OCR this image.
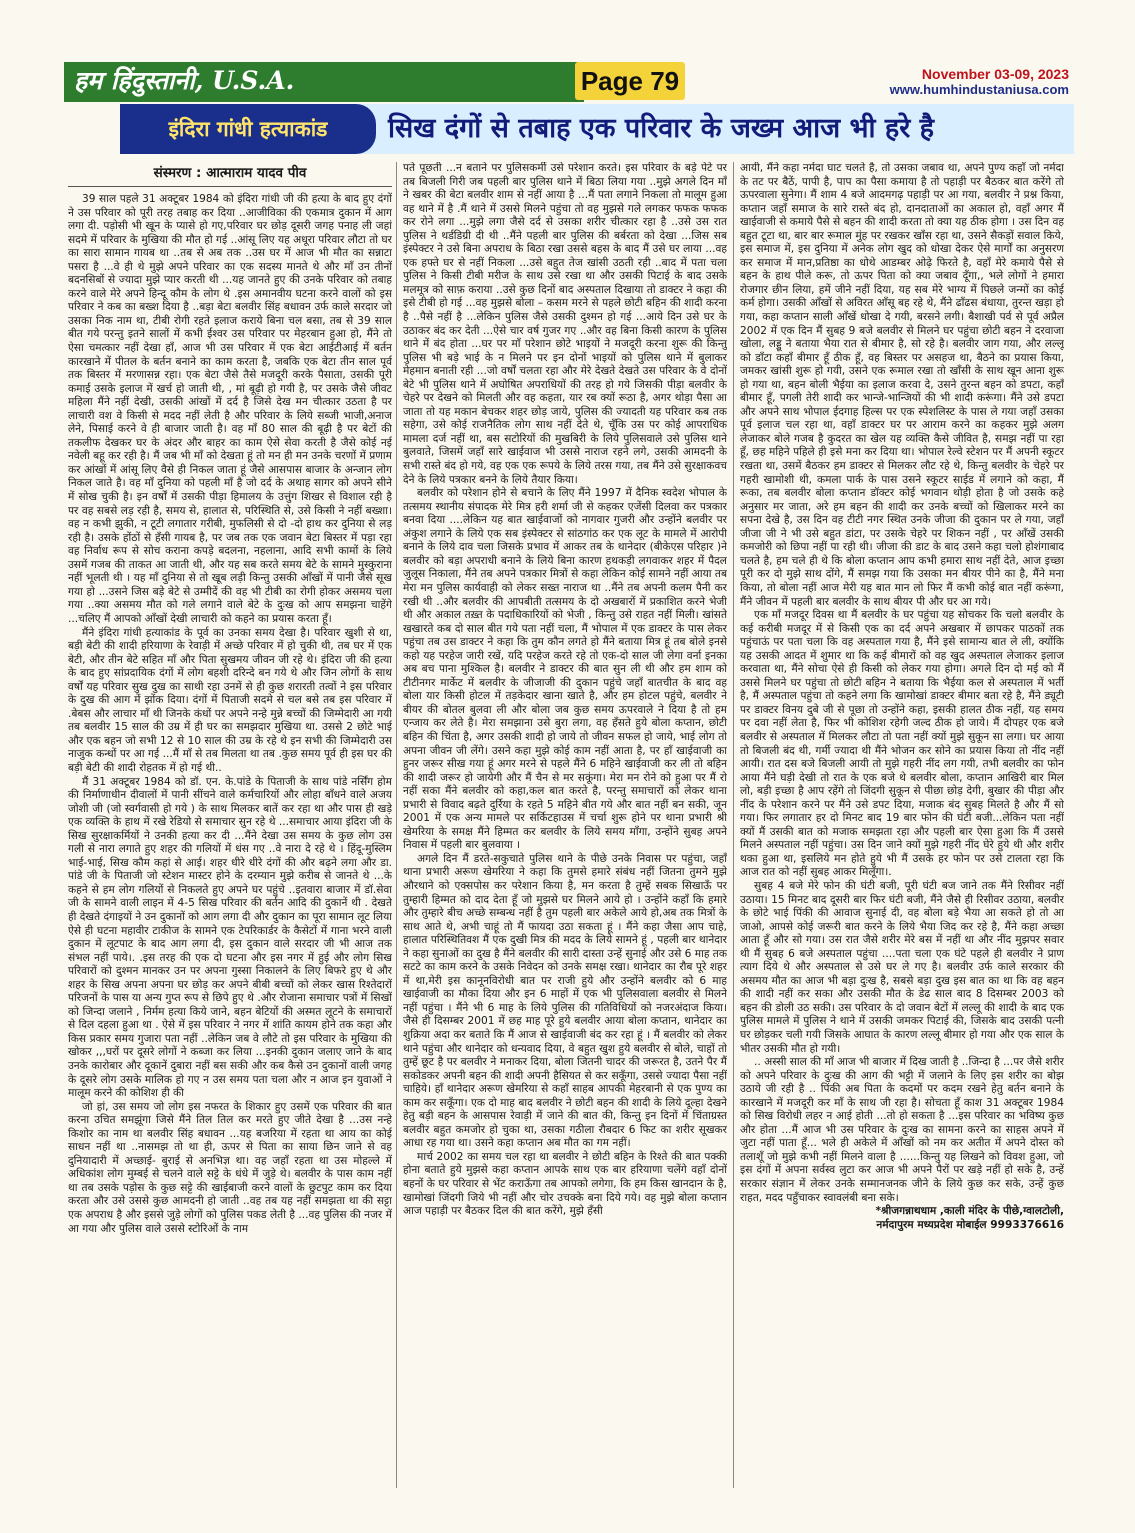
हम हिंदुस्तानी, U.S.A.	Page 79	November 03-09, 2023
www.humhindustaniusa.com
इंदिरा गांधी हत्याकांड	सिख दंगों से तबाह एक परिवार के जख्म आज भी हरे है
संस्मरण : आत्माराम यादव पीव

39 साल पहले 31 अक्टूबर 1984 को इंदिरा गांधी जी की हत्या के बाद हुए दंगों ने उस परिवार को पूरी तरह तबाह कर दिया ..आजीविका की एकमात्र दुकान में आग लगा दी. पड़ोसी भी खून के प्यासे हो गए,परिवार घर छोड़ दूसरी जगह पनाह ली जहां सदमे में परिवार के मुखिया की मौत हो गई ..आंसू लिए यह अधूरा परिवार लौटा तो घर का सारा सामान गायब था ..तब से अब तक ..उस घर में आज भी मौत का सन्नाटा पसरा है ...वे ही थे मुझे अपने परिवार का एक सदस्य मानते थे और माँ उन तीनों बदनसिबों से ज्यादा मुझे प्यार करती थी ...यह जानते हुए की उनके परिवार को तबाह करने वाले मेरे अपने हिन्दू कौम के लोग थे .इस अमानवीय घटना करने वालों को इस परिवार ने कब का बख्श दिया है ..बड़ा बेटा बलवीर सिंह बधावन उर्फ काले सरदार जो उसका निक नाम था, टीबी रोगी रहते इलाज कराये बिना चल बसा, तब से 39 साल बीत गये परन्तु इतने सालों में कभी ईश्वर उस परिवार पर मेहरबान हुआ हो, मैंने तो ऐसा चमत्कार नहीं देखा हाँ, आज भी उस परिवार में एक बेटा आईटीआई में बर्तन कारखाने में पीतल के बर्तन बनाने का काम करता है, जबकि एक बेटा तीन साल पूर्व तक बिस्तर में मरणासन्न रहा। एक बेटा जैसे तैसे मजदूरी करके पैसाता, उसकी पूरी कमाई उसके इलाज में खर्च हो जाती थी, , मां बूढ़ी हो गयी है, पर उसके जैसे जीवट महिला मैंने नहीं देखी, उसकी आंखों में दर्द है जिसे देख मन चीत्कार उठता है पर लाचारी वश वे किसी से मदद नहीं लेती है और परिवार के लिये सब्जी भाजी,अनाज लेने, पिसाई करने वे ही बाजार जाती है। वह माँ 80 साल की बूढ़ी है पर बेटों की तकलीफ देखकर घर के अंदर और बाहर का काम ऐसे सेवा करती है जैसे कोई नई नवेली बहू कर रही है। मैं जब भी माँ को देखता हूं तो मन ही मन उनके चरणों में प्रणाम कर आंखों में आंसू लिए वैसे ही निकल जाता हूं जैसे आसपास बाजार के अन्जान लोग निकल जाते है। वह माँ दुनिया को पहली माँ है जो दर्द के अथाह सागर को अपने सीने में सोख चुकी है। इन वर्षों में उसकी पीड़ा हिमालय के उत्तुंग शिखर से विशाल रही है पर वह सबसे लड़ रही है, समय से, हालात से, परिस्थिति से, उसे किसी ने नहीं बख्शा। वह न कभी झुकी, न टूटी लगातार गरीबी, मुफलिसी से दो -दो हाथ कर दुनिया से लड़ रही है। उसके होंठों से हँसी गायब है, पर जब तक एक जवान बेटा बिस्तर में पड़ा रहा वह निर्वाध रूप से सोच कराना कपड़े बदलना, नहलाना, आदि सभी कामों के लिये उसमें गजब की ताकत आ जाती थी, और यह सब करते समय बेटे के सामने मुस्कुराना नहीं भूलती थी । यह माँ दुनिया से तो खूब लड़ी किन्तु उसकी आँखों में पानी जैसे सूख गया हो ...उसने जिस बड़े बेटे से उम्मीदें की वह भी टीबी का रोगी होकर असमय चला गया ..क्या असमय मौत को गले लगाने वाले बेटे के दुःख को आप समझना चाहेंगे ...चलिए मैं आपको आँखों देखी लाचारी को कहने का प्रयास करता हूँ।

मैंने इंदिरा गांधी हत्याकांड के पूर्व का उनका समय देखा है। परिवार खुशी से था, बड़ी बेटी की शादी हरियाणा के रेवाड़ी में अच्छे परिवार में हो चुकी थी, तब घर में एक बेटी, और तीन बेटे सहित माँ और पिता सुखमय जीवन जी रहे थे। इंदिरा जी की हत्या के बाद हुए सांप्रदायिक दंगों में लोग बहशी दरिन्दे बन गये थे और जिन लोगों के साथ वर्षों यह परिवार सुख दुख का साथी रहा उनमें से ही कुछ शरारती तत्वों ने इस परिवार के दुख की आग में झोंक दिया। दंगों में पिताजी सदमे से चल बसे तब इस परिवार में .बेबस और लाचार माँ थी जिनके कंधों पर अपने नन्हे मुन्ने बच्चों की जिम्मेदारी आ गयी तब बलवीर 15 साल की उम्र में ही घर का समझदार मुखिया था. उससे 2 छोटे भाई और एक बहन जो सभी 12 से 10 साल की उम्र के रहे थे इन सभी की जिम्मेदारी उस नाजुक कन्धों पर आ गई ...मैं माँ से तब मिलता था तब .कुछ समय पूर्व ही इस घर की बड़ी बेटी की शादी रोहतक में हो गई थी..

मैं 31 अक्टूबर 1984 को डॉ. एन. के.पांडे के पिताजी के साथ पांडे नर्सिंग होम की निर्माणाधीन दीवालों में पानी सींचने वाले कर्मचारियों और लोहा बाँधने वाले अजय जोशी जी (जो स्वर्गवासी हो गये ) के साथ मिलकर बातें कर रहा था और पास ही खड़े एक व्यक्ति के हाथ में रखे रेडियो से समाचार सुन रहे थे ...समाचार आया इंदिरा जी के सिख सुरक्षाकर्मियों ने उनकी हत्या कर दी ...मैंने देखा उस समय के कुछ लोग उस गली से नारा लगाते हुए शहर की गलियों में धंस गए ..वे नारा दे रहे थे । हिंदू-मुस्लिम भाई-भाई, सिख कौम कहां से आई। शहर धीरे धीरे दंगों की और बढ़ने लगा और डा. पांडे जी के पिताजी जो स्टेशन मास्टर होने के दरम्यान मुझे करीब से जानते थे ...के कहने से हम लोग गलियों से निकलते हुए अपने घर पहुंचे ..इतवारा बाजार में डॉ.सेवा जी के सामने वाली लाइन में 4-5 सिख परिवार की बर्तन आदि की दुकानें थी . देखते ही देखते दंगाइयों ने उन दुकानों को आग लगा दी और दुकान का पूरा सामान लूट लिया ऐसे ही घटना महावीर टाकीज के सामने एक टेपरिकार्डर के कैसेटों में गाना भरने वाली दुकान में लूटपाट के बाद आग लगा दी, इस दुकान वाले सरदार जी भी आज तक संभल नहीं पाये।. .इस तरह की एक दो घटना और इस नगर में हुई और लोग सिख परिवारों को दुश्मन मानकर उन पर अपना गुस्सा निकालने के लिए बिफरे हुए थे और शहर के सिख अपना अपना घर छोड़ कर अपने बीबी बच्चों को लेकर खास रिश्तेदारों परिजनों के पास या अन्य गुप्त रूप से छिपे हुए थे .और रोजाना समाचार पत्रों में सिखों को जिन्दा जलाने , निर्मम हत्या किये जाने, बहन बेटियों की अस्मत लूटने के समाचारों से दिल दहला हुआ था . ऐसे में इस परिवार ने नगर में शांति कायम होने तक कहा और किस प्रकार समय गुजारा पता नहीं ..लेकिन जब वे लौटे तो इस परिवार के मुखिया की खोकर ,,,घरों पर दूसरे लोगों ने कब्जा कर लिया ...इनकी दुकान जलाए जाने के बाद उनके कारोबार और दूकानें दुबारा नहीं बस सकी और कब कैसे उन दुकानों वाली जगह के दूसरे लोग उसके मालिक हो गए न उस समय पता चला और न आज इन युवाओं ने मालूम करने की कोशिश ही की

जो हां, उस समय जो लोग इस नफरत के शिकार हुए उसमें एक परिवार की बात करना उचित समझूंगा जिसे मैंने तिल तिल कर मरते हुए जीते देखा है ...उस नन्हे किशोर का नाम था बलवीर सिंह बधावन ...यह बजरिया में रहता था आय का कोई साधन नहीं था ..नासमझ तो था ही, ऊपर से पिता का साया छिन जाने से वह दुनियादारी में अच्छाई- बुराई से अनभिज्ञ था। वह जहाँ रहता था उस मोहल्ले में अधिकांश लोग मुम्बई से चलने वाले सट्टे के धंधे में जुड़े थे। बलवीर के पास काम नहीं था तब उसके पड़ोस के कुछ सट्टे की खाईबाजी करने वालों के छुटपुट काम कर दिया करता और उसे उससे कुछ आमदनी हो जाती ..वह तब यह नहीं समझता था की सट्टा एक अपराध है और इससे जुड़े लोगों को पुलिस पकड लेती है ...वह पुलिस की नजर में आ गया और पुलिस वाले उससे स्टोरिओं के नाम

पते पूछती ...न बताने पर पुलिसकर्मी उसे परेशान करते। इस परिवार के बड़े पेटे पर तब बिजली गिरी जब पहली बार पुलिस थाने में बिठा लिया गया ..मुझे अगले दिन माँ ने खबर की बेटा बलवीर शाम से नहीं आया है ...मैं पता लगाने निकला तो मालूम हुआ वह थाने में है .मैं थाने में उससे मिलने पहुंचा तो वह मुझसे गले लगकर फफक फफक कर रोने लगा ...मुझे लगा जैसे दर्द से उसका शरीर चीत्कार रहा है ..उसे उस रात पुलिस ने थर्डडिग्री दी थी ..मैंने पहली बार पुलिस की बर्बरता को देखा ...जिस सब इंस्पेक्टर ने उसे बिना अपराध के बिठा रखा उससे बहस के बाद मैं उसे घर लाया ...वह एक हफ्ते घर से नहीं निकला ...उसे बहुत तेज खांसी उठती रही ..बाद में पता चला पुलिस ने किसी टीबी मरीज के साथ उसे रखा था और उसकी पिटाई के बाद उसके मलमूत्र को साफ़ कराया ..उसे कुछ दिनों बाद अस्पताल दिखाया तो डाक्टर ने कहा की इसे टीबी हो गई ...वह मुझसे बोला – कसम मरने से पहले छोटी बहिन की शादी करना है ..पैसे नहीं है ...लेकिन पुलिस जैसे उसकी दुश्मन हो गई ...आये दिन उसे घर के उठाकर बंद कर देती ...ऐसे चार वर्ष गुजर गए ..और वह बिना किसी कारण के पुलिस थाने में बंद होता ...घर पर माँ परेशान छोटे भाइयों ने मजदूरी करना शुरू की किन्तु पुलिस भी बड़े भाई के न मिलने पर इन दोनों भाइयों को पुलिस थाने में बुलाकर मेहमान बनाती रही ...जो वर्षों चलता रहा और मेरे देखते देखते उस परिवार के वे दोनों बेटे भी पुलिस थाने में अघोषित अपराधियों की तरह हो गये जिसकी पीड़ा बलवीर के चेहरे पर देखने को मिलती और वह कहता, यार रब क्यों रूठा है, अगर थोड़ा पैसा आ जाता तो यह मकान बेचकर शहर छोड़ जाये, पुलिस की ज्यादती यह परिवार कब तक सहेगा, उसे कोई राजनैतिक लोग साथ नहीं देते थे, चूँकि उस पर कोई आपराधिक मामला दर्ज नहीं था, बस सटोरियों की मुखबिरी के लिये पुलिसवाले उसे पुलिस थाने बुलवाते, जिसमें जहाँ सारे खाईवाज भी उससे नाराज रहने लगे, उसकी आमदनी के सभी रास्ते बंद हो गये, वह एक एक रूपये के लिये तरस गया, तब मैंने उसे सुरक्षाकवच देने के लिये पत्रकार बनने के लिये तैयार किया।

बलवीर को परेशान होने से बचाने के लिए मैंने 1997 में दैनिक स्वदेश भोपाल के तत्समय स्थानीय संपादक मेरे मित्र हरी शर्मा जी से कहकर एजेंसी दिलवा कर पत्रकार बनवा दिया ....लेकिन यह बात खाईवाजों को नागवार गुजरी और उन्होंने बलवीर पर अंकुश लगाने के लिये एक सब इंस्पेक्टर से सांठगांठ कर एक लूट के मामले में आरोपी बनाने के लिये दाव चला जिसके प्रभाव में आकर तब के थानेदार (बीकेएस परिहार )ने बलवीर को बड़ा अपराधी बनाने के लिये बिना कारण हथकड़ी लगवाकर शहर में पैदल जुलूस निकाला, मैंने तब अपने पत्रकार मित्रों से कहा लेकिन कोई सामने नहीं आया तब मेरा मन पुलिस कार्यवाही को लेकर सख्त नाराज था ..मैंने तब अपनी कलम पैनी कर रखी थी ..और बलवीर की आपबीती तत्समय के दो अखबारों में प्रकाशित करने भेजी थी और अकाल तख़्त के पदाधिकारियों को भेजी , किन्तु उसे राहत नहीं मिली। खांसते खखारते कब दो साल बीत गये पता नहीं चला, मैं भोपाल में एक डाक्टर के पास लेकर पहुंचा तब उस डाक्टर ने कहा कि तुम कौन लगते हो मैंने बताया मित्र हूं तब बोले इनसे कहो यह परहेज जारी रखें, यदि परहेज करते रहे तो एक-दो साल जी लेगा वर्ना इनका अब बच पाना मुश्किल है। बलवीर ने डाक्टर की बात सुन ली थी और हम शाम को टीटीनगर मार्केट में बलवीर के जीजाजी की दुकान पहुंचे जहाँ बातचीत के बाद वह बोला यार किसी होटल में तड़केदार खाना खाते है, और हम होटल पहुंचे, बलवीर ने बीयर की बोतल बुलवा ली और बोला जब कुछ समय ऊपरवाले ने दिया है तो हम एन्जाय कर लेते है। मेरा समझाना उसे बुरा लगा, वह हँसते हुये बोला कप्तान, छोटी बहिन की चिंता है, अगर उसकी शादी हो जाये तो जीवन सफल हो जाये, भाई लोग तो अपना जीवन जी लेंगे। उसने कहा मुझे कोई काम नहीं आता है, पर हाँ खाईवाजी का हुनर जरूर सीख गया हूं अगर मरने से पहले मैंने 6 महिने खाईवाजी कर ली तो बहिन की शादी जरूर हो जायेगी और मैं चैन से मर सकूंगा। मेरा मन रोने को हुआ पर मैं रो नहीं सका मैंने बलवीर को कहा,कल बात करते है, परन्तु समाचारों को लेकर थाना प्रभारी से विवाद बढ़ते दुर्रिया के रहते 5 महिने बीत गये और बात नहीं बन सकी, जून 2001 में एक अन्य मामले पर सर्किटहाउस में चर्चा शुरू होने पर थाना प्रभारी श्री खेमरिया के समक्ष मैंने हिम्मत कर बलवीर के लिये समय माँगा, उन्होंने सुबह अपने निवास में पहली बार बुलवाया ।

अगले दिन मैं डरते-सकुचाते पुलिस थाने के पीछे उनके निवास पर पहुंचा, जहाँ थाना प्रभारी अरूण खेमरिया ने कहा कि तुमसे हमारे संबंध नहीं जितना तुमने मुझे औरथाने को एक्सपोस कर परेशान किया है, मन करता है तुम्हें सबक सिखाऊँ पर तुम्हारी हिम्मत को दाद देता हूँ जो मुझसे घर मिलने आये हो । उन्होंने कहाँ कि हमारे और तुम्हारे बीच अच्छे सम्बन्ध नहीं है तुम पहली बार अकेले आये हो,अब तक मित्रों के साथ आते थे, अभी चाहूं तो मैं फायदा उठा सकता हूं । मैंने कहा जैसा आप चाहे, हालात परिस्थितिवश मैं एक दुखी मित्र की मदद के लिये सामने हूं , पहली बार थानेदार ने कहा सुनाओं का दुख है मैंने बलवीर की सारी दास्ता उन्हें सुनाई और उसे 6 माह तक सटटे का काम करने के उसके निवेदन को उनके समक्ष रखा। थानेदार का रौब पूरे शहर में था,मेरी इस कानूनविरोधी बात पर राजी हुये और उन्होंने बलवीर को 6 माह खाईवाजी का मौका दिया और इन 6 माहों में एक भी पुलिसवाला बलवीर से मिलने नहीं पहुंचा । मैंने भी 6 माह के लिये पुलिस की गतिविधियों को नजरअंदाज किया। जैसे ही दिसम्बर 2001 में छह माह पूरे हुये बलवीर आया बोला कप्तान, थानेदार का शुक्रिया अदा कर बताते कि मैं आज से खाईवाजी बंद कर रहा हूं । मैं बलवीर को लेकर थाने पहुंचा और थानेदार को धन्यवाद दिया, वे बहुत खुश हुये बलवीर से बोले, चाहों तो तुम्हें छूट है पर बलवीर ने मनाकर दिया, बोला जितनी चादर की जरूरत है, उतने पैर मैं सकोडकर अपनी बहन की शादी अपनी हैसियत से कर सकूँगा, उससे ज्यादा पैसा नहीं चाहिये। हाँ थानेदार अरूण खेमरिया से कहाँ साहब आपकी मेहरबानी से एक पुण्य का काम कर सकूँगा। एक दो माह बाद बलवीर ने छोटी बहन की शादी के लिये दूल्हा देखने हेतु बड़ी बहन के आसपास रेवाड़ी में जाने की बात की, किन्तु इन दिनों में चिंताग्रस्त बलवीर बहुत कमजोर हो चुका था, उसका गठीला रौबदार 6 फिट का शरीर सूखकर आधा रह गया था। उसने कहा कप्तान अब मौत का गम नहीं।

मार्च 2002 का समय चल रहा था बलवीर ने छोटी बहिन के रिश्ते की बात पक्की होना बताते हुये मुझसे कहा कप्तान आपके साथ एक बार हरियाणा चलेंगे वहाँ दोनों बहनों के घर परिवार से भेंट कराऊँगा तब आपको लगेगा, कि हम किस खानदान के है, खामोखां जिंदगी जिये भी नहीं और चोर उचक्के बना दिये गये। वह मुझे बोला कप्तान आज पहाड़ी पर बैठकर दिल की बात करेंगे, मुझे हँसी

आयी, मैंने कहा नर्मदा घाट चलते है, तो उसका जबाव था, अपने पुण्य कहाँ जो नर्मदा के तट पर बैठें, पापी है, पाप का पैसा कमाया है तो पहाड़ी पर बैठकर बात करेंगे तो ऊपरवाला सुनेगा। मैं शाम 4 बजे आदमगढ़ पहाड़ी पर आ गया, बलवीर ने प्रश्न किया, कप्तान जहाँ समाज के सारे रास्ते बंद हो, दानदाताओं का अकाल हो, वहाँ अगर मैं खाईवाजी से कमाये पैसे से बहन की शादी करता तो क्या यह ठीक होगा । उस दिन वह बहुत टूटा था, बार बार रूमाल मुंह पर रखकर खाँस रहा था, उसने सैकड़ों सवाल किये, इस समाज में, इस दुनिया में अनेक लोग खुद को धोखा देकर ऐसे मार्गों का अनुसरण कर समाज में मान,प्रतिष्ठा का धोथे आडम्बर ओढ़े फिरते है, वहाँ मेरे कमाये पैसे से बहन के हाथ पीले करू, तो ऊपर पिता को क्या जबाव दूँगा,, भले लोगों ने हमारा रोजगार छीन लिया, हमें जीने नहीं दिया, यह सब मेरे भाग्य में पिछले जन्मों का कोई कर्म होगा। उसकी आँखों से अविरत आँसू बह रहे थे, मैंने ढाँढस बंधाया, तुरन्त खड़ा हो गया, कहा कप्तान साली आँखें धोखा दे गयी, बरसने लगी। बैशाखी पर्व से पूर्व अप्रैल 2002 में एक दिन मैं सुबह 9 बजे बलवीर से मिलने घर पहुंचा छोटी बहन ने दरवाजा खोला, लड्डू ने बताया भैया रात से बीमार है, सो रहे है। बलवीर जाग गया, और लल्लू को डाँटा कहाँ बीमार हूँ ठीक हूँ, वह बिस्तर पर असहज था, बैठने का प्रयास किया, जमकर खांसी शुरू हो गयी, उसने एक रूमाल रखा तो खाँसी के साथ खून आना शुरू हो गया था, बहन बोली भैईया का इलाज करवा दे, उसने तुरन्त बहन को डपटा, कहाँ बीमार हूँ, पगली तेरी शादी कर भान्जे-भान्जियों की भी शादी करूंगा। मैंने उसे डपटा और अपने साथ भोपाल ईदगाह हिल्स पर एक स्पेशलिस्ट के पास ले गया जहाँ उसका पूर्व इलाज चल रहा था, वहाँ डाक्टर घर पर आराम करने का कहकर मुझे अलग लेजाकर बोले गजब है कुदरत का खेल यह व्यक्ति कैसे जीवित है, समझ नहीं पा रहा हूँ, छह महिने पहिले ही इसे मना कर दिया था। भोपाल रेल्वे स्टेशन पर मैं अपनी स्कूटर रखता था, उसमें बैठकर हम डाक्टर से मिलकर लौट रहे थे, किन्तु बलवीर के चेहरे पर गहरी खामोशी थी, कमला पार्क के पास उसने स्कूटर साईड में लगाने को कहा, मैं रूका, तब बलवीर बोला कप्तान डॉक्टर कोई भगवान थोड़ी होता है जो उसके कहे अनुसार मर जाता, अरे हम बहन की शादी कर उनके बच्चों को खिलाकर मरने का सपना देखे है, उस दिन वह टीटी नगर स्थित उनके जीजा की दुकान पर ले गया, जहाँ जीजा जी ने भी उसे बहुत डांटा, पर उसके चेहरे पर शिकन नहीं , पर आँखें उसकी कमजोरी को छिपा नहीं पा रही थी। जीजा की डाट के बाद उसने कहा चलो होशंगाबाद चलते है, हम चले ही थे कि बोला कप्तान आप कभी हमारा साथ नहीं देते, आज इच्छा पूरी कर दो मुझे साथ दोंगे, मैं समझ गया कि उसका मन बीयर पीने का है, मैंने मना किया, तो बोला नहीं आज मेरी यह बात मान लो फिर मैं कभी कोई बात नहीं करूंगा, मैंने जीवन में पहली बार बलवीर के साथ बीयर पी और घर आ गये।

एक माँ मजदूर दिवस था मैं बलवीर के घर पहुंचा यह सोचकर कि चलो बलवीर के कई करीबी मजदूर में से किसी एक का दर्द अपने अखबार में छापकर पाठकों तक पहुंचाऊं पर पता चला कि वह अस्पताल गया है, मैंने इसे सामान्य बात ले ली, क्योंकि यह उसकी आदत में शुमार था कि कई बीमारों को वह खुद अस्पताल लेजाकर इलाज करवाता था, मैंने सोचा ऐसे ही किसी को लेकर गया होगा। अगले दिन दो मई को मैं उससे मिलने घर पहुंचा तो छोटी बहिन ने बताया कि भैईया कल से अस्पताल में भर्ती है, मैं अस्पताल पहुंचा तो कहने लगा कि खामोखां डाक्टर बीमार बता रहे है, मैंने ड्यूटी पर डाक्टर विनय दुबे जी से पूछा तो उन्होंने कहा, इसकी हालत ठीक नहीं, यह समय पर दवा नहीं लेता है, फिर भी कोशिश रहेगी जल्द ठीक हो जाये। मैं दोपहर एक बजे बलवीर से अस्पताल में मिलकर लौटा तो पता नहीं क्यों मुझे सुकून सा लगा। घर आया तो बिजली बंद थी, गर्मी ज्यादा थी मैंने भोजन कर सोने का प्रयास किया तो नींद नहीं आयी। रात दस बजे बिजली आयी तो मुझे गहरी नींद लग गयी, तभी बलवीर का फोन आया मैंने घड़ी देखी तो रात के एक बजे थे बलवीर बोला, कप्तान आखिरी बार मिल लो, बड़ी इच्छा है आप रहेंगे तो जिंदगी सुकून से पीछा छोड़ देगी, बुखार की पीड़ा और नींद के परेशान करने पर मैंने उसे डपट दिया, मजाक बंद सुबह मिलते है और मैं सो गया। फिर लगातार हर दो मिनट बाद 19 बार फोन की घंटी बजी...लेकिन पता नहीं क्यों मैं उसकी बात को मजाक समझता रहा और पहली बार ऐसा हुआ कि मैं उससे मिलने अस्पताल नहीं पहुंचा। उस दिन जाने क्यों मुझे गहरी नींद घेरे हुये थी और शरीर थका हुआ था, इसलिये मन होते हुये भी मैं उसके हर फोन पर उसे टालता रहा कि आज रात को नहीं सुबह आकर मिलूँगा।.

सुबह 4 बजे मेरे फोन की घंटी बजी, पूरी घंटी बज जाने तक मैंने रिसीवर नहीं उठाया। 15 मिनट बाद दूसरी बार फिर घंटी बजी, मैंने जैसे ही रिसीवर उठाया, बलवीर के छोटे भाई पिंकी की आवाज सुनाई दी, वह बोला बड़े भैया आ सकते हो तो आ जाओ, आपसे कोई जरूरी बात करने के लिये भैया जिद कर रहे है, मैंने कहा अच्छा आता हूँ और सो गया। उस रात जैसे शरीर मेरे बस में नहीं था और नींद मुझपर सवार थी मैं सुबह 6 बजे अस्पताल पहुंचा ....पता चला एक घंटे पहले ही बलवीर ने प्राण त्याग दिये थे और अस्पताल से उसे घर ले गए है। बलवीर उर्फ काले सरकार की असमय मौत का आज भी बड़ा दुःख है, सबसे बड़ा दुख इस बात का था कि वह बहन की शादी नहीं कर सका और उसकी मौत के डेढ साल बाद 8 दिसम्बर 2003 को बहन की डोली उठ सकी। उस परिवार के दो जवान बेटों में लल्लू की शादी के बाद एक पुलिस मामले में पुलिस ने थाने में उसकी जमकर पिटाई की, जिसके बाद उसकी पत्नी घर छोड़कर चली गयी जिसके आघात के कारण लल्लू बीमार हो गया और एक साल के भीतर उसकी मौत हो गयी।

.. अस्सी साल की माँ आज भी बाजार में दिख जाती है ..जिन्दा है ...पर जैसे शरीर को अपने परिवार के दुःख की आग की भट्टी में जलाने के लिए इस शरीर का बोझ उठाये जी रही है .. पिंकी अब पिता के कदमों पर कदम रखने हेतु बर्तन बनाने के कारखाने में मजदूरी कर माँ के साथ जी रहा है। सोचता हूँ काश 31 अक्टूबर 1984 को सिख विरोधी लहर न आई होती ...तो हो सकता है ...इस परिवार का भविष्य कुछ और होता ...मैं आज भी उस परिवार के दुःख का सामना करने का साहस अपने में जुटा नहीं पाता हूँ... भले ही अकेले में आँखों को नम कर अतीत में अपने दोस्त को तलाशूँ जो मुझे कभी नहीं मिलने वाला है ......किन्तु यह लिखने को विवश हुआ, जो इस दंगों में अपना सर्वस्व लुटा कर आज भी अपने पैरों पर खड़े नहीं हो सके है, उन्हें सरकार संज्ञान में लेकर उनके सम्मानजनक जीने के लिये कुछ कर सके, उन्हें कुछ राहत, मदद पहुँचाकर स्वावलंबी बना सके।

*श्रीजगन्नाथधाम ,काली मंदिर के पीछे,ग्वालटोली,
नर्मदापुरम मध्यप्रदेश मोबाईल 9993376616
